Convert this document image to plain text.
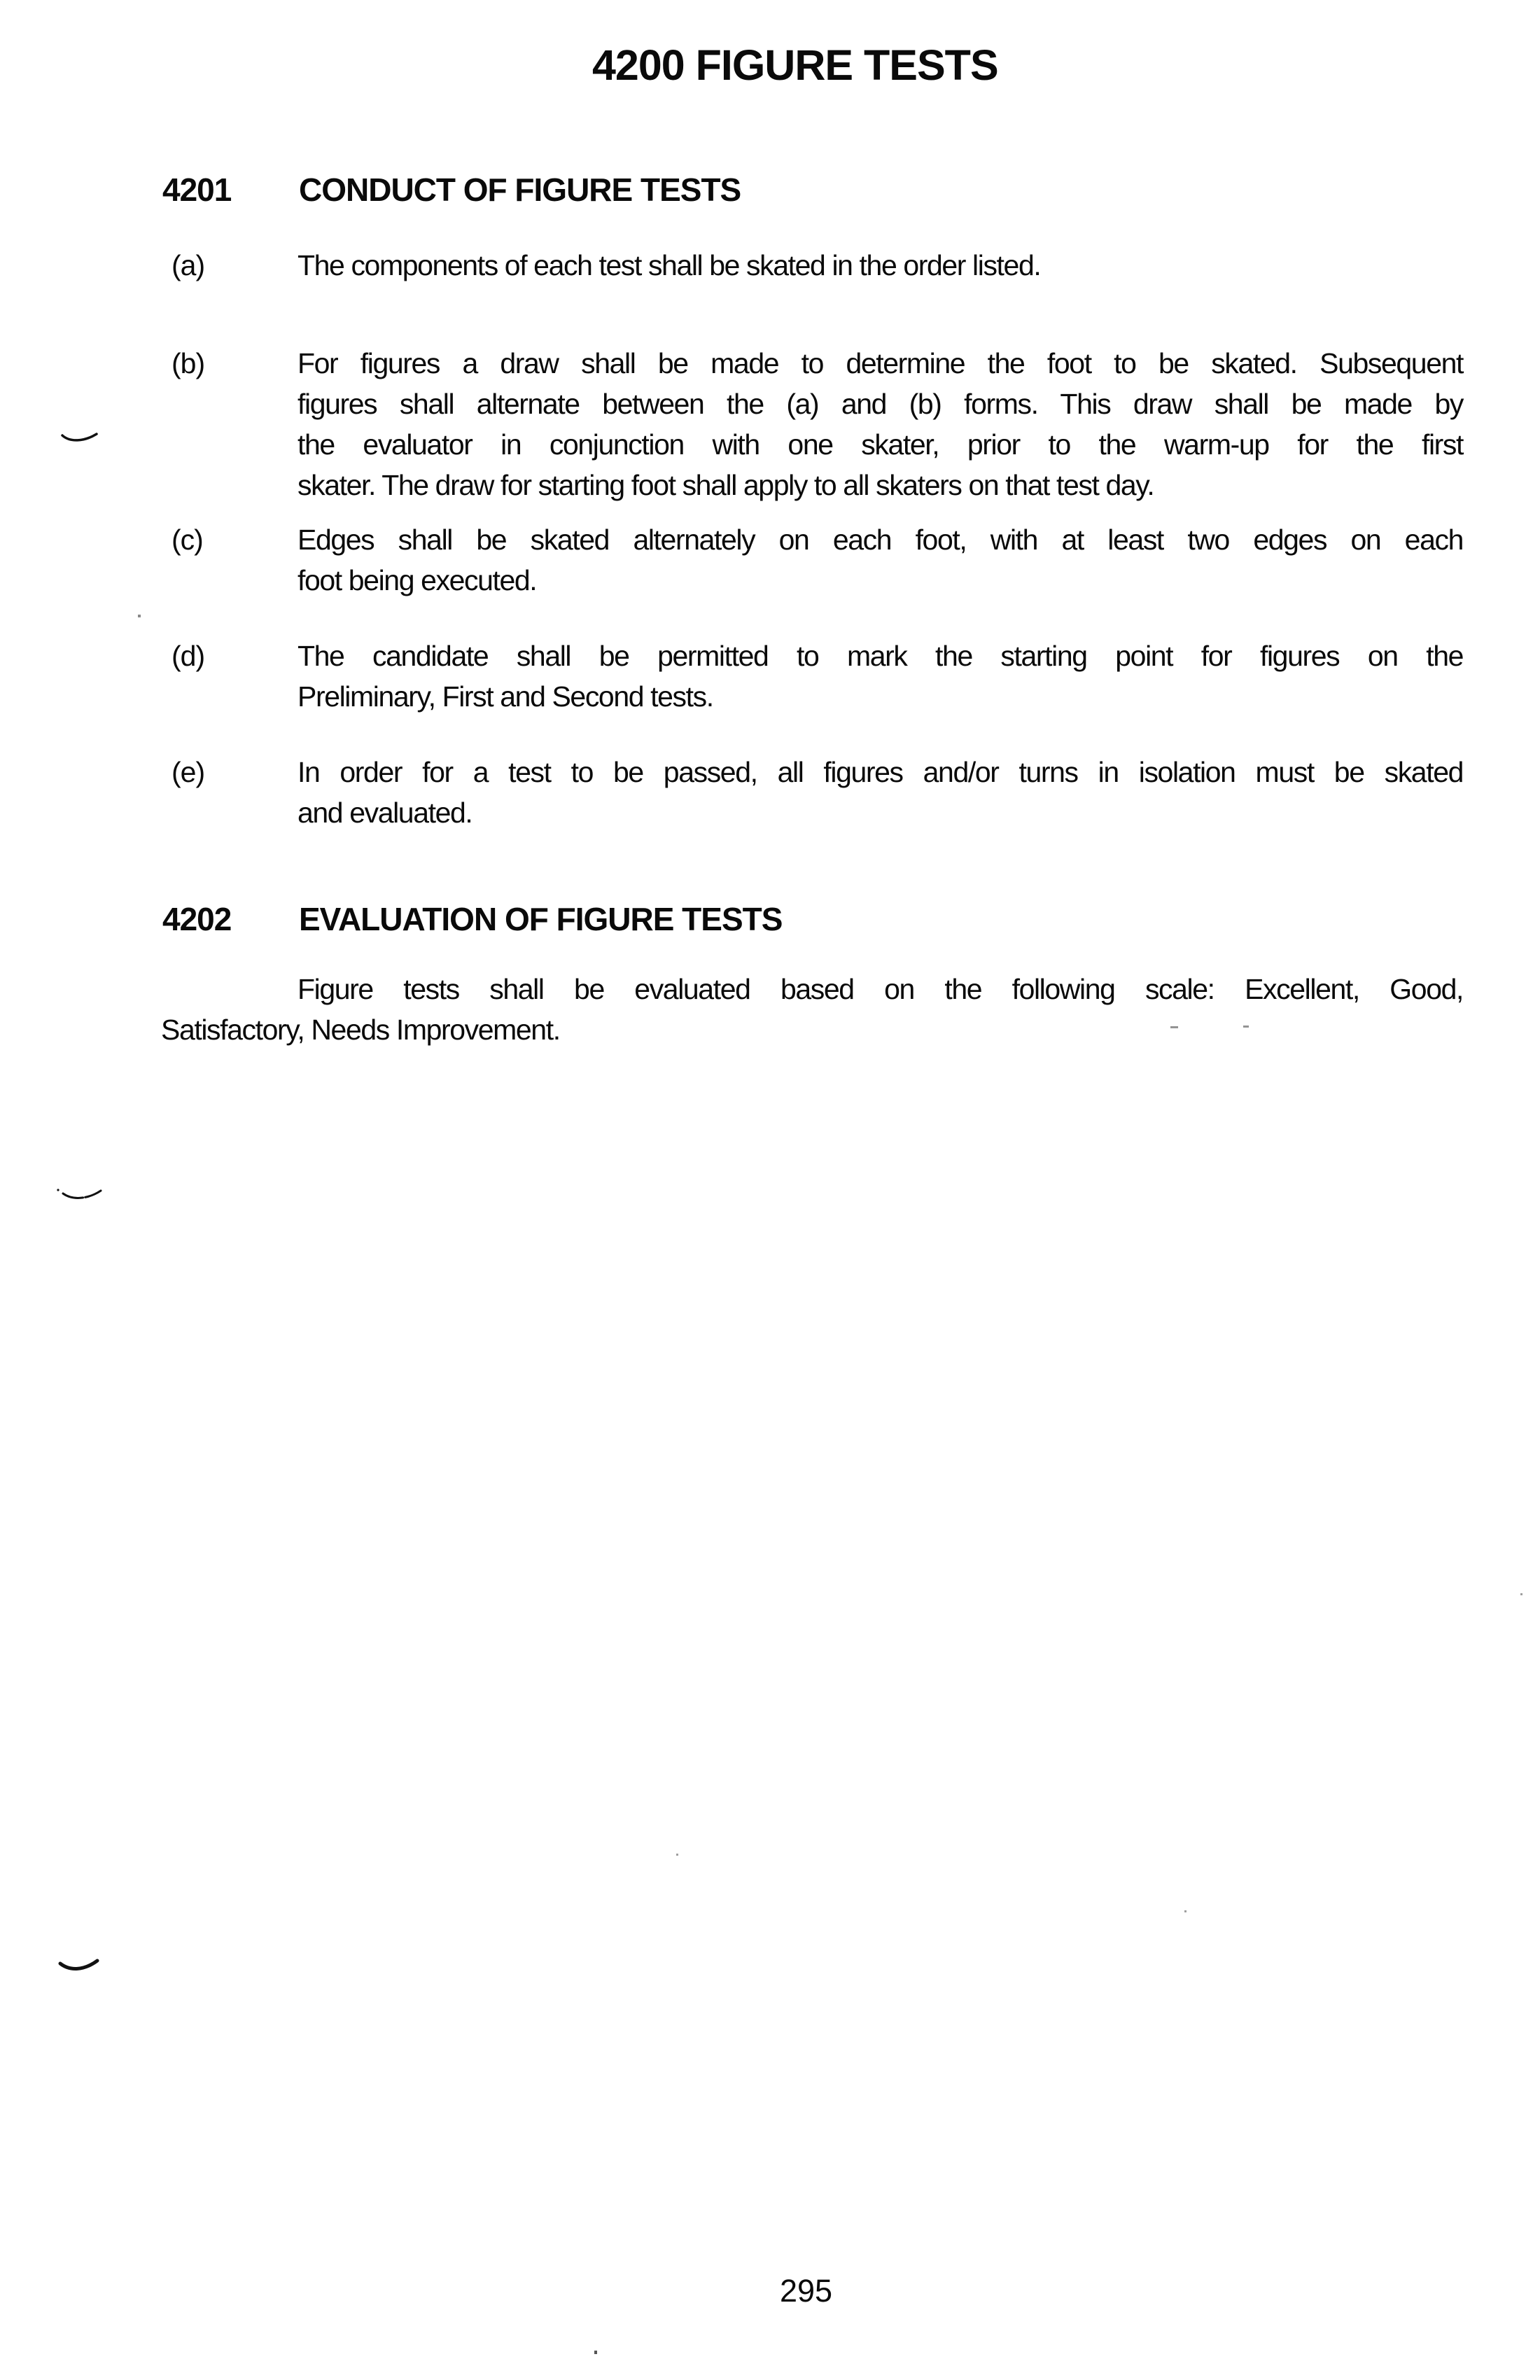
4200 FIGURE TESTS
4201 CONDUCT OF FIGURE TESTS
(a)	The components of each test shall be skated in the order listed.
(b)	For figures a draw shall be made to determine the foot to be skated. Subsequent
figures shall alternate between the (a) and (b) forms. This draw shall be made by
the evaluator in conjunction with one skater, prior to the warm-up for the first
skater. The draw for starting foot shall apply to all skaters on that test day.
(c)	Edges shall be skated alternately on each foot, with at least two edges on each
foot being executed.
(d)	The candidate shall be permitted to mark the starting point for figures on the
Preliminary, First and Second tests.
(e)	In order for a test to be passed, all figures and/or turns in isolation must be skated
and evaluated.
4202 EVALUATION OF FIGURE TESTS
Figure tests shall be evaluated based on the following scale: Excellent, Good,
Satisfactory, Needs Improvement.
295
